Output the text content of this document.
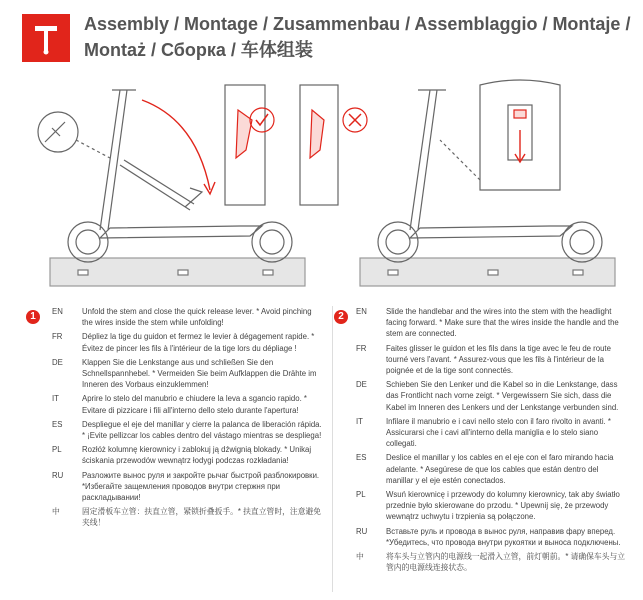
Assembly / Montage / Zusammenbau / Assemblaggio / Montaje /
Montaż / Сборка / 车体组装
1	2
EN	Unfold the stem and close the quick release lever. * Avoid pinching the wires inside the stem while unfolding!
FR	Dépliez la tige du guidon et fermez le levier à dégagement rapide. * Évitez de pincer les fils à l'intérieur de la tige lors du dépliage !
DE	Klappen Sie die Lenkstange aus und schließen Sie den Schnellspannhebel. * Vermeiden Sie beim Aufklappen die Drähte im Inneren des Vorbaus einzuklemmen!
IT	Aprire lo stelo del manubrio e chiudere la leva a sgancio rapido. * Evitare di pizzicare i fili all'interno dello stelo durante l'apertura!
ES	Despliegue el eje del manillar y cierre la palanca de liberación rápida. * ¡Evite pellizcar los cables dentro del vástago mientras se despliega!
PL	Rozłóż kolumnę kierownicy i zablokuj ją dźwignią blokady. * Unikaj ściskania przewodów wewnątrz łodygi podczas rozkładania!
RU	Разложите вынос руля и закройте рычаг быстрой разблокировки. *Избегайте защемления проводов внутри стержня при раскладывании!
中	固定滑板车立管：扶直立管，紧锁折叠扳手。* 扶直立管时，注意避免夹线！
EN	Slide the handlebar and the wires into the stem with the headlight facing forward. * Make sure that the wires inside the handle and the stem are connected.
FR	Faites glisser le guidon et les fils dans la tige avec le feu de route tourné vers l'avant. * Assurez-vous que les fils à l'intérieur de la poignée et de la tige sont connectés.
DE	Schieben Sie den Lenker und die Kabel so in die Lenkstange, dass das Frontlicht nach vorne zeigt. * Vergewissern Sie sich, dass die Kabel im Inneren des Lenkers und der Lenkstange verbunden sind.
IT	Infilare il manubrio e i cavi nello stelo con il faro rivolto in avanti. * Assicurarsi che i cavi all'interno della maniglia e lo stelo siano collegati.
ES	Deslice el manillar y los cables en el eje con el faro mirando hacia adelante. * Asegúrese de que los cables que están dentro del manillar y el eje estén conectados.
PL	Wsuń kierownicę i przewody do kolumny kierownicy, tak aby światło przednie było skierowane do przodu. * Upewnij się, że przewody wewnątrz uchwytu i trzpienia są połączone.
RU	Вставьте руль и провода в вынос руля, направив фару вперед. *Убедитесь, что провода внутри рукоятки и выноса подключены.
中	将车头与立管内的电源线一起滑入立管，前灯朝前。* 请确保车头与立管内的电源线连接状态。
